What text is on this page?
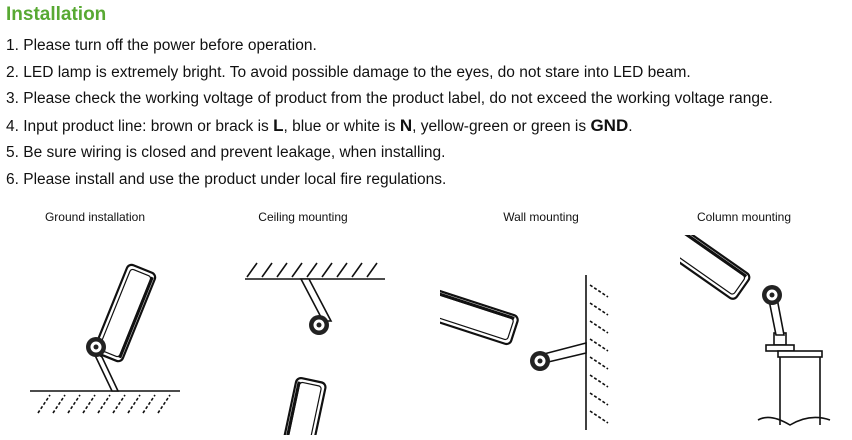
Installation
1. Please turn off the power before operation.
2. LED lamp is extremely bright. To avoid possible damage to the eyes, do not stare into LED beam.
3. Please check the working voltage of product from the product label, do not exceed the working voltage range.
4. Input product line: brown or brack is L, blue or white is N, yellow-green or green is GND.
5. Be sure wiring is closed and prevent leakage, when installing.
6. Please install and use the product under local fire regulations.
Ground installation	Ceiling mounting	Wall mounting	Column mounting
